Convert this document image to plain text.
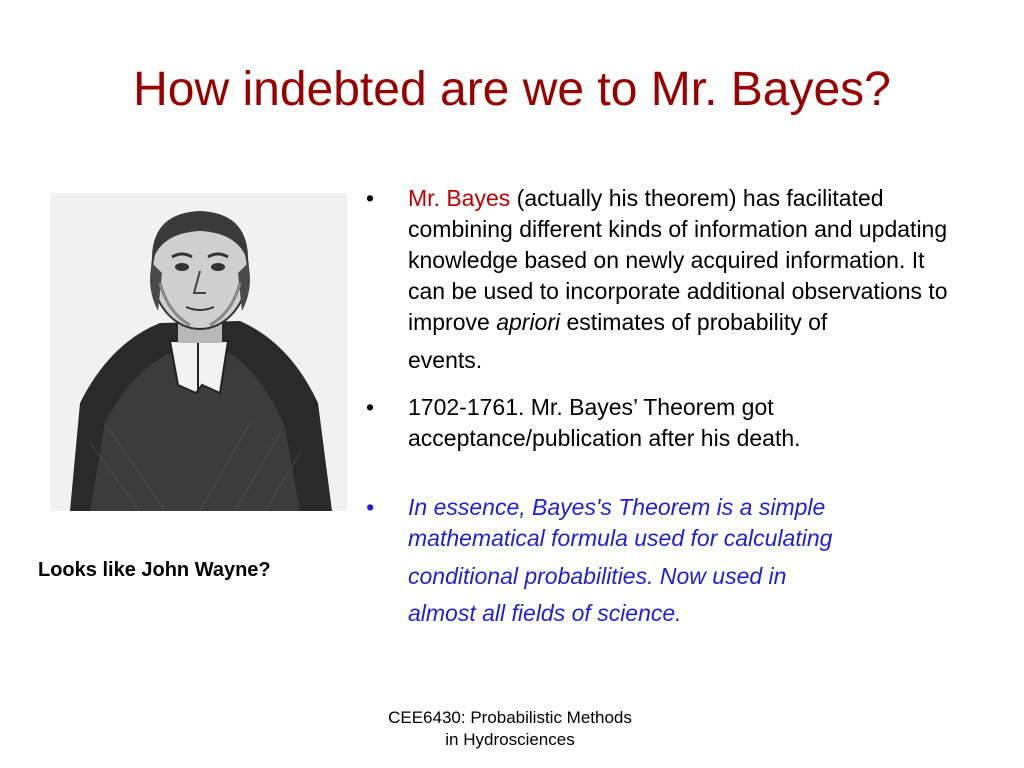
How indebted are we to Mr. Bayes?
Looks like John Wayne?
• Mr. Bayes (actually his theorem) has facilitated combining different kinds of information and updating knowledge based on newly acquired information. It can be used to incorporate additional observations to improve apriori estimates of probability of
events.
• 1702-1761. Mr. Bayes’ Theorem got acceptance/publication after his death.
• In essence, Bayes's Theorem is a simple mathematical formula used for calculating
conditional probabilities. Now used in
almost all fields of science.
CEE6430: Probabilistic Methods
in Hydrosciences
